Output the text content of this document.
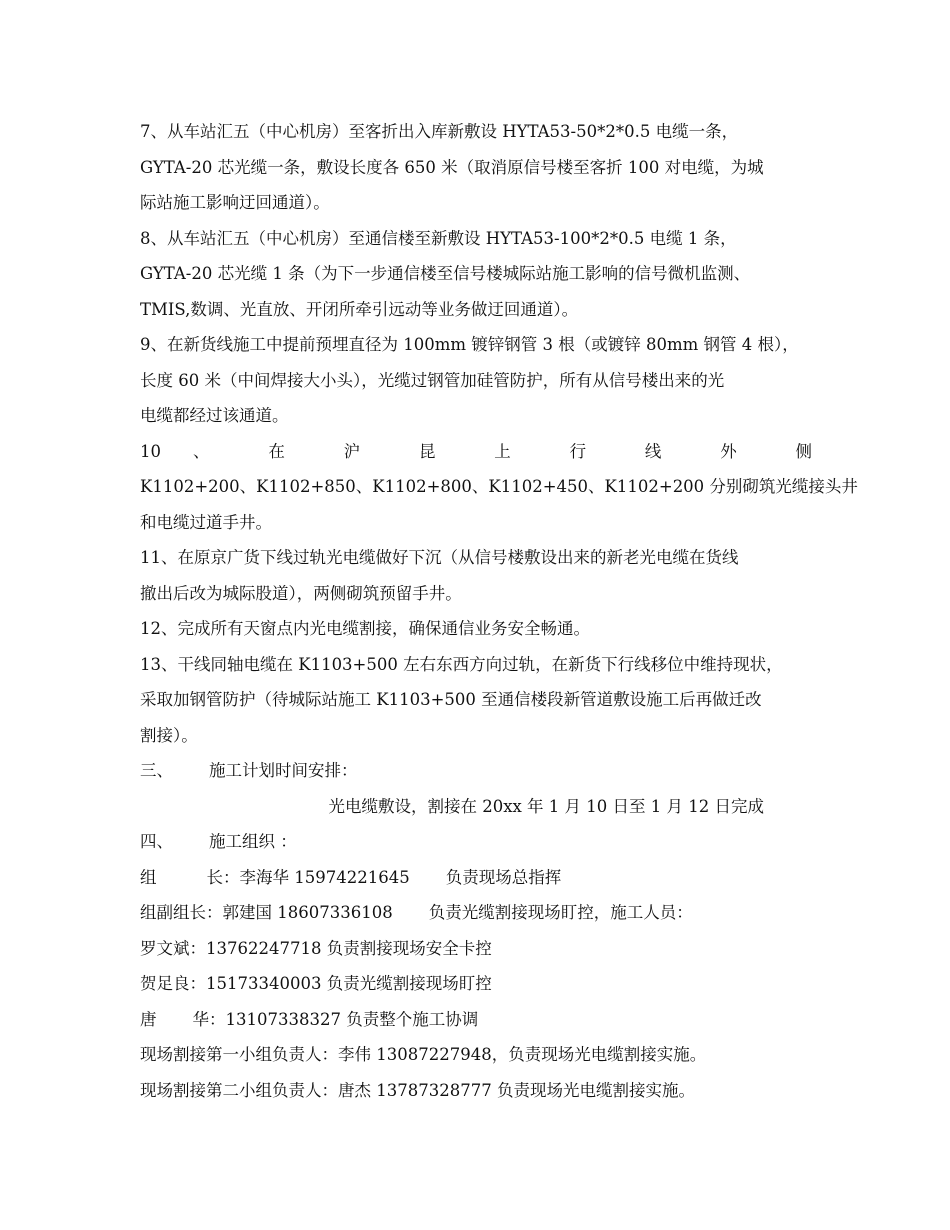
7、从车站汇五（中心机房）至客折出入库新敷设 HYTA53-50*2*0.5 电缆一条，
GYTA-20 芯光缆一条，敷设长度各 650 米（取消原信号楼至客折 100 对电缆，为城
际站施工影响迂回通道）。
8、从车站汇五（中心机房）至通信楼至新敷设 HYTA53-100*2*0.5 电缆 1 条，
GYTA-20 芯光缆 1 条（为下一步通信楼至信号楼城际站施工影响的信号微机监测、
TMIS,数调、光直放、开闭所牵引远动等业务做迂回通道）。
9、在新货线施工中提前预埋直径为 100mm 镀锌钢管 3 根（或镀锌 80mm 钢管 4 根），
长度 60 米（中间焊接大小头），光缆过钢管加硅管防护，所有从信号楼出来的光
电缆都经过该通道。
10 、 在 沪 昆 上 行 线 外 侧
K1102+200、K1102+850、K1102+800、K1102+450、K1102+200 分别砌筑光缆接头井
和电缆过道手井。
11、在原京广货下线过轨光电缆做好下沉（从信号楼敷设出来的新老光电缆在货线
撤出后改为城际股道），两侧砌筑预留手井。
12、完成所有天窗点内光电缆割接，确保通信业务安全畅通。
13、干线同轴电缆在 K1103+500 左右东西方向过轨，在新货下行线移位中维持现状，
采取加钢管防护（待城际站施工 K1103+500 至通信楼段新管道敷设施工后再做迁改
割接）。
三、 施工计划时间安排：
光电缆敷设，割接在 20xx 年 1 月 10 日至 1 月 12 日完成
四、 施工组织 ：
组	长：李海华 15974221645 负责现场总指挥
组副组长：郭建国 18607336108 负责光缆割接现场盯控，施工人员：
罗文斌：13762247718 负责割接现场安全卡控
贺足良：15173340003 负责光缆割接现场盯控
唐 华：13107338327 负责整个施工协调
现场割接第一小组负责人：李伟 13087227948，负责现场光电缆割接实施。
现场割接第二小组负责人：唐杰 13787328777 负责现场光电缆割接实施。
